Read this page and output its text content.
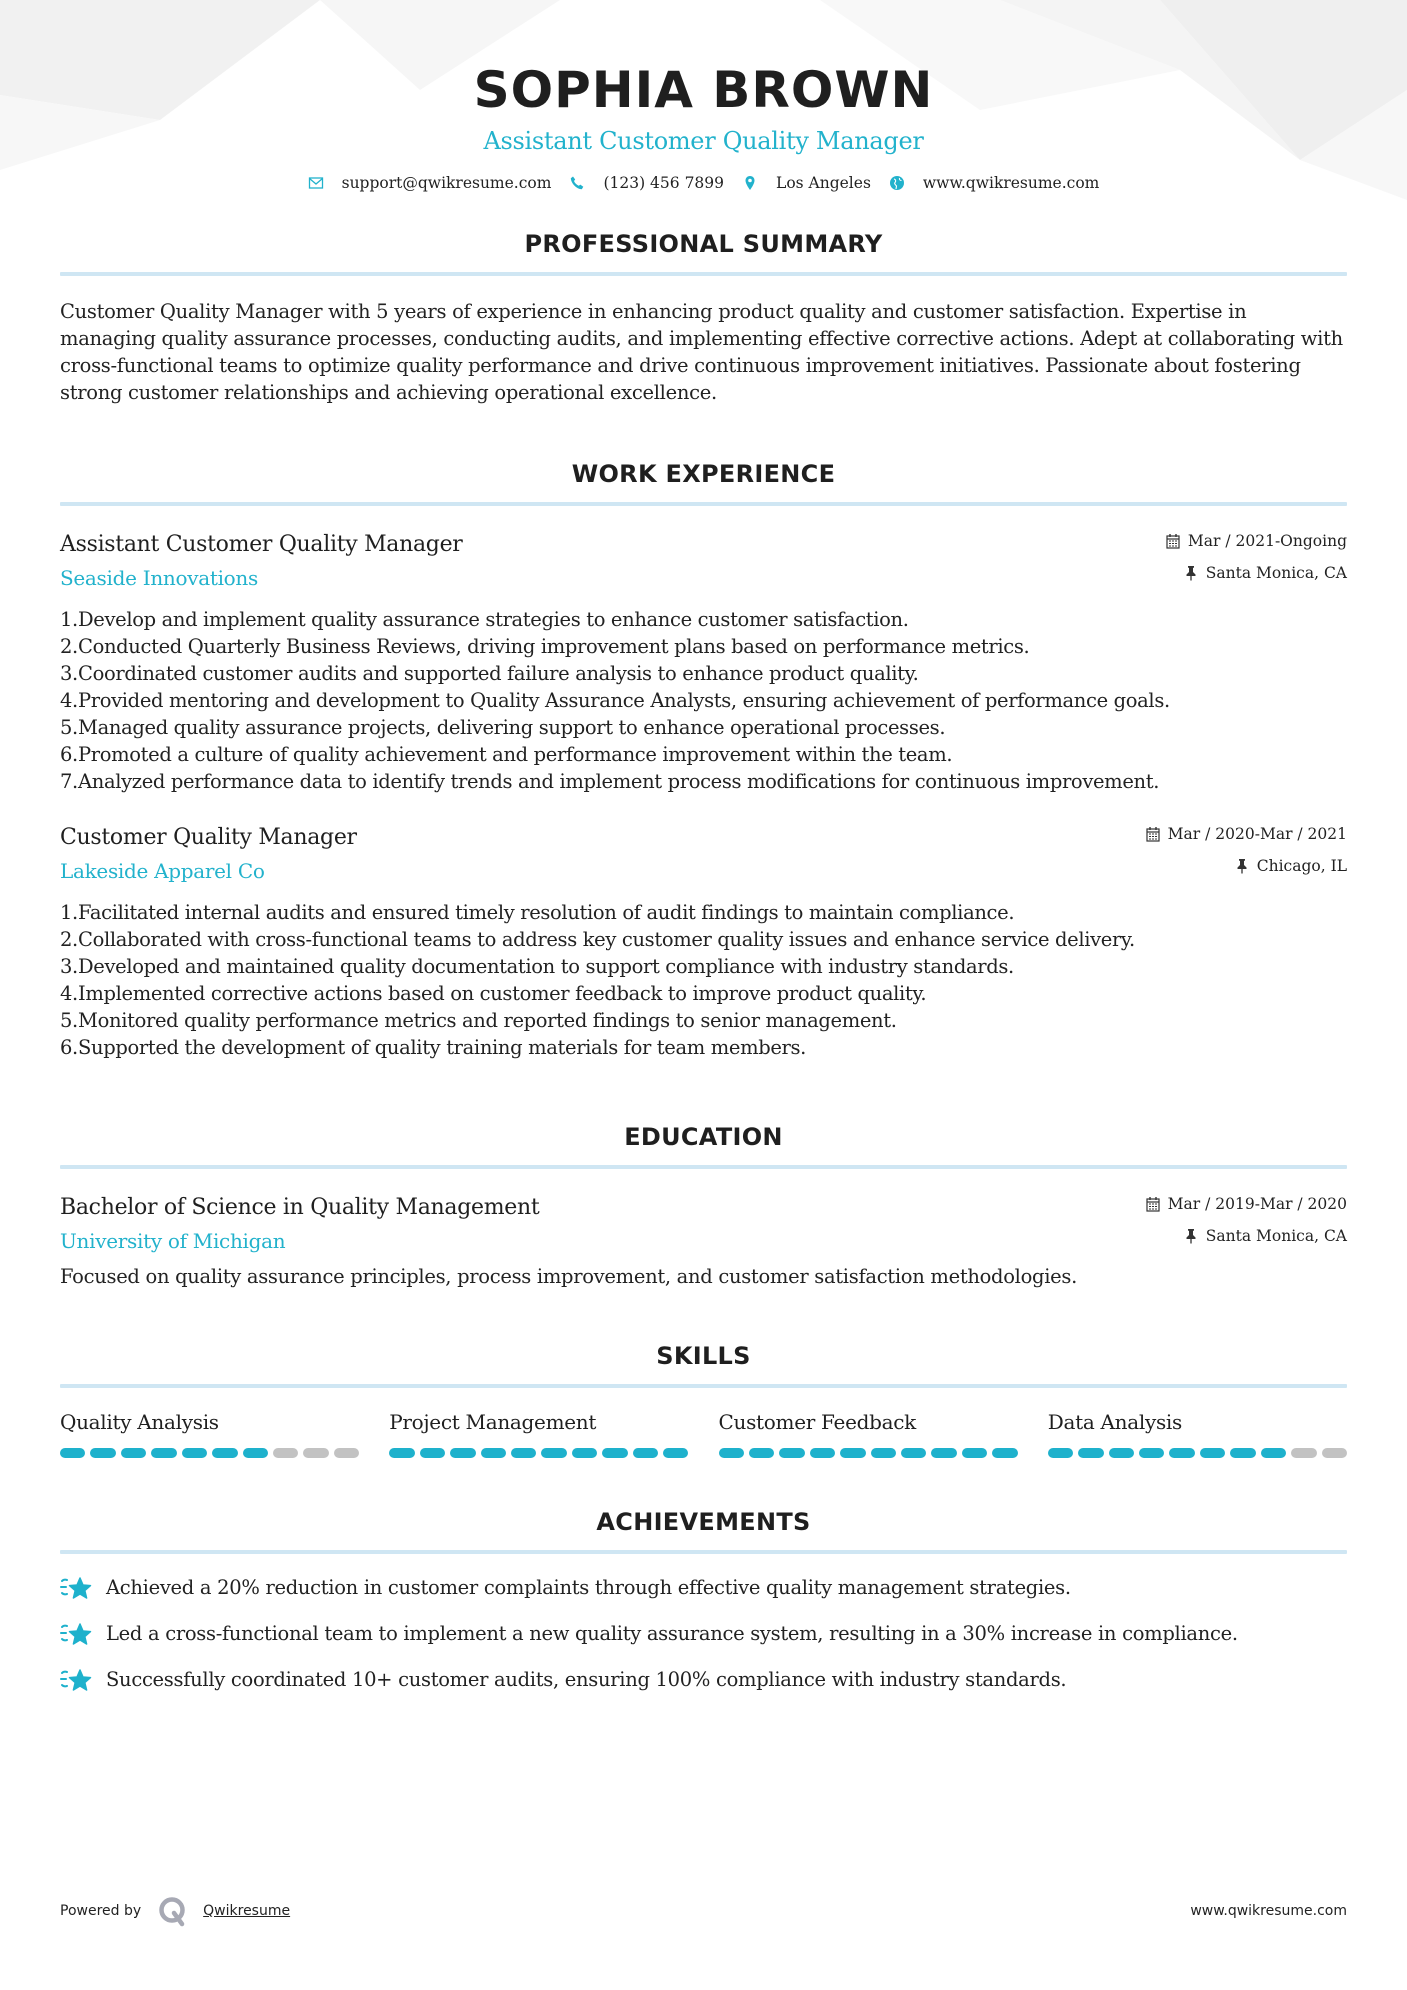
SOPHIA BROWN
Assistant Customer Quality Manager
support@qwikresume.com	(123) 456 7899	Los Angeles	www.qwikresume.com
PROFESSIONAL SUMMARY

Customer Quality Manager with 5 years of experience in enhancing product quality and customer satisfaction. Expertise in managing quality assurance processes, conducting audits, and implementing effective corrective actions. Adept at collaborating with cross-functional teams to optimize quality performance and drive continuous improvement initiatives. Passionate about fostering strong customer relationships and achieving operational excellence.

WORK EXPERIENCE
Assistant Customer Quality Manager
Seaside Innovations
Mar / 2021-Ongoing
Santa Monica, CA
1. Develop and implement quality assurance strategies to enhance customer satisfaction.
2. Conducted Quarterly Business Reviews, driving improvement plans based on performance metrics.
3. Coordinated customer audits and supported failure analysis to enhance product quality.
4. Provided mentoring and development to Quality Assurance Analysts, ensuring achievement of performance goals.
5. Managed quality assurance projects, delivering support to enhance operational processes.
6. Promoted a culture of quality achievement and performance improvement within the team.
7. Analyzed performance data to identify trends and implement process modifications for continuous improvement.
Customer Quality Manager
Lakeside Apparel Co
Mar / 2020-Mar / 2021
Chicago, IL
1. Facilitated internal audits and ensured timely resolution of audit findings to maintain compliance.
2. Collaborated with cross-functional teams to address key customer quality issues and enhance service delivery.
3. Developed and maintained quality documentation to support compliance with industry standards.
4. Implemented corrective actions based on customer feedback to improve product quality.
5. Monitored quality performance metrics and reported findings to senior management.
6. Supported the development of quality training materials for team members.
EDUCATION
Bachelor of Science in Quality Management
University of Michigan
Mar / 2019-Mar / 2020
Santa Monica, CA

Focused on quality assurance principles, process improvement, and customer satisfaction methodologies.

SKILLS
Quality Analysis	Project Management	Customer Feedback	Data Analysis
ACHIEVEMENTS
Achieved a 20% reduction in customer complaints through effective quality management strategies.
Led a cross-functional team to implement a new quality assurance system, resulting in a 30% increase in compliance.
Successfully coordinated 10+ customer audits, ensuring 100% compliance with industry standards.
Powered by	Qwikresume	www.qwikresume.com
